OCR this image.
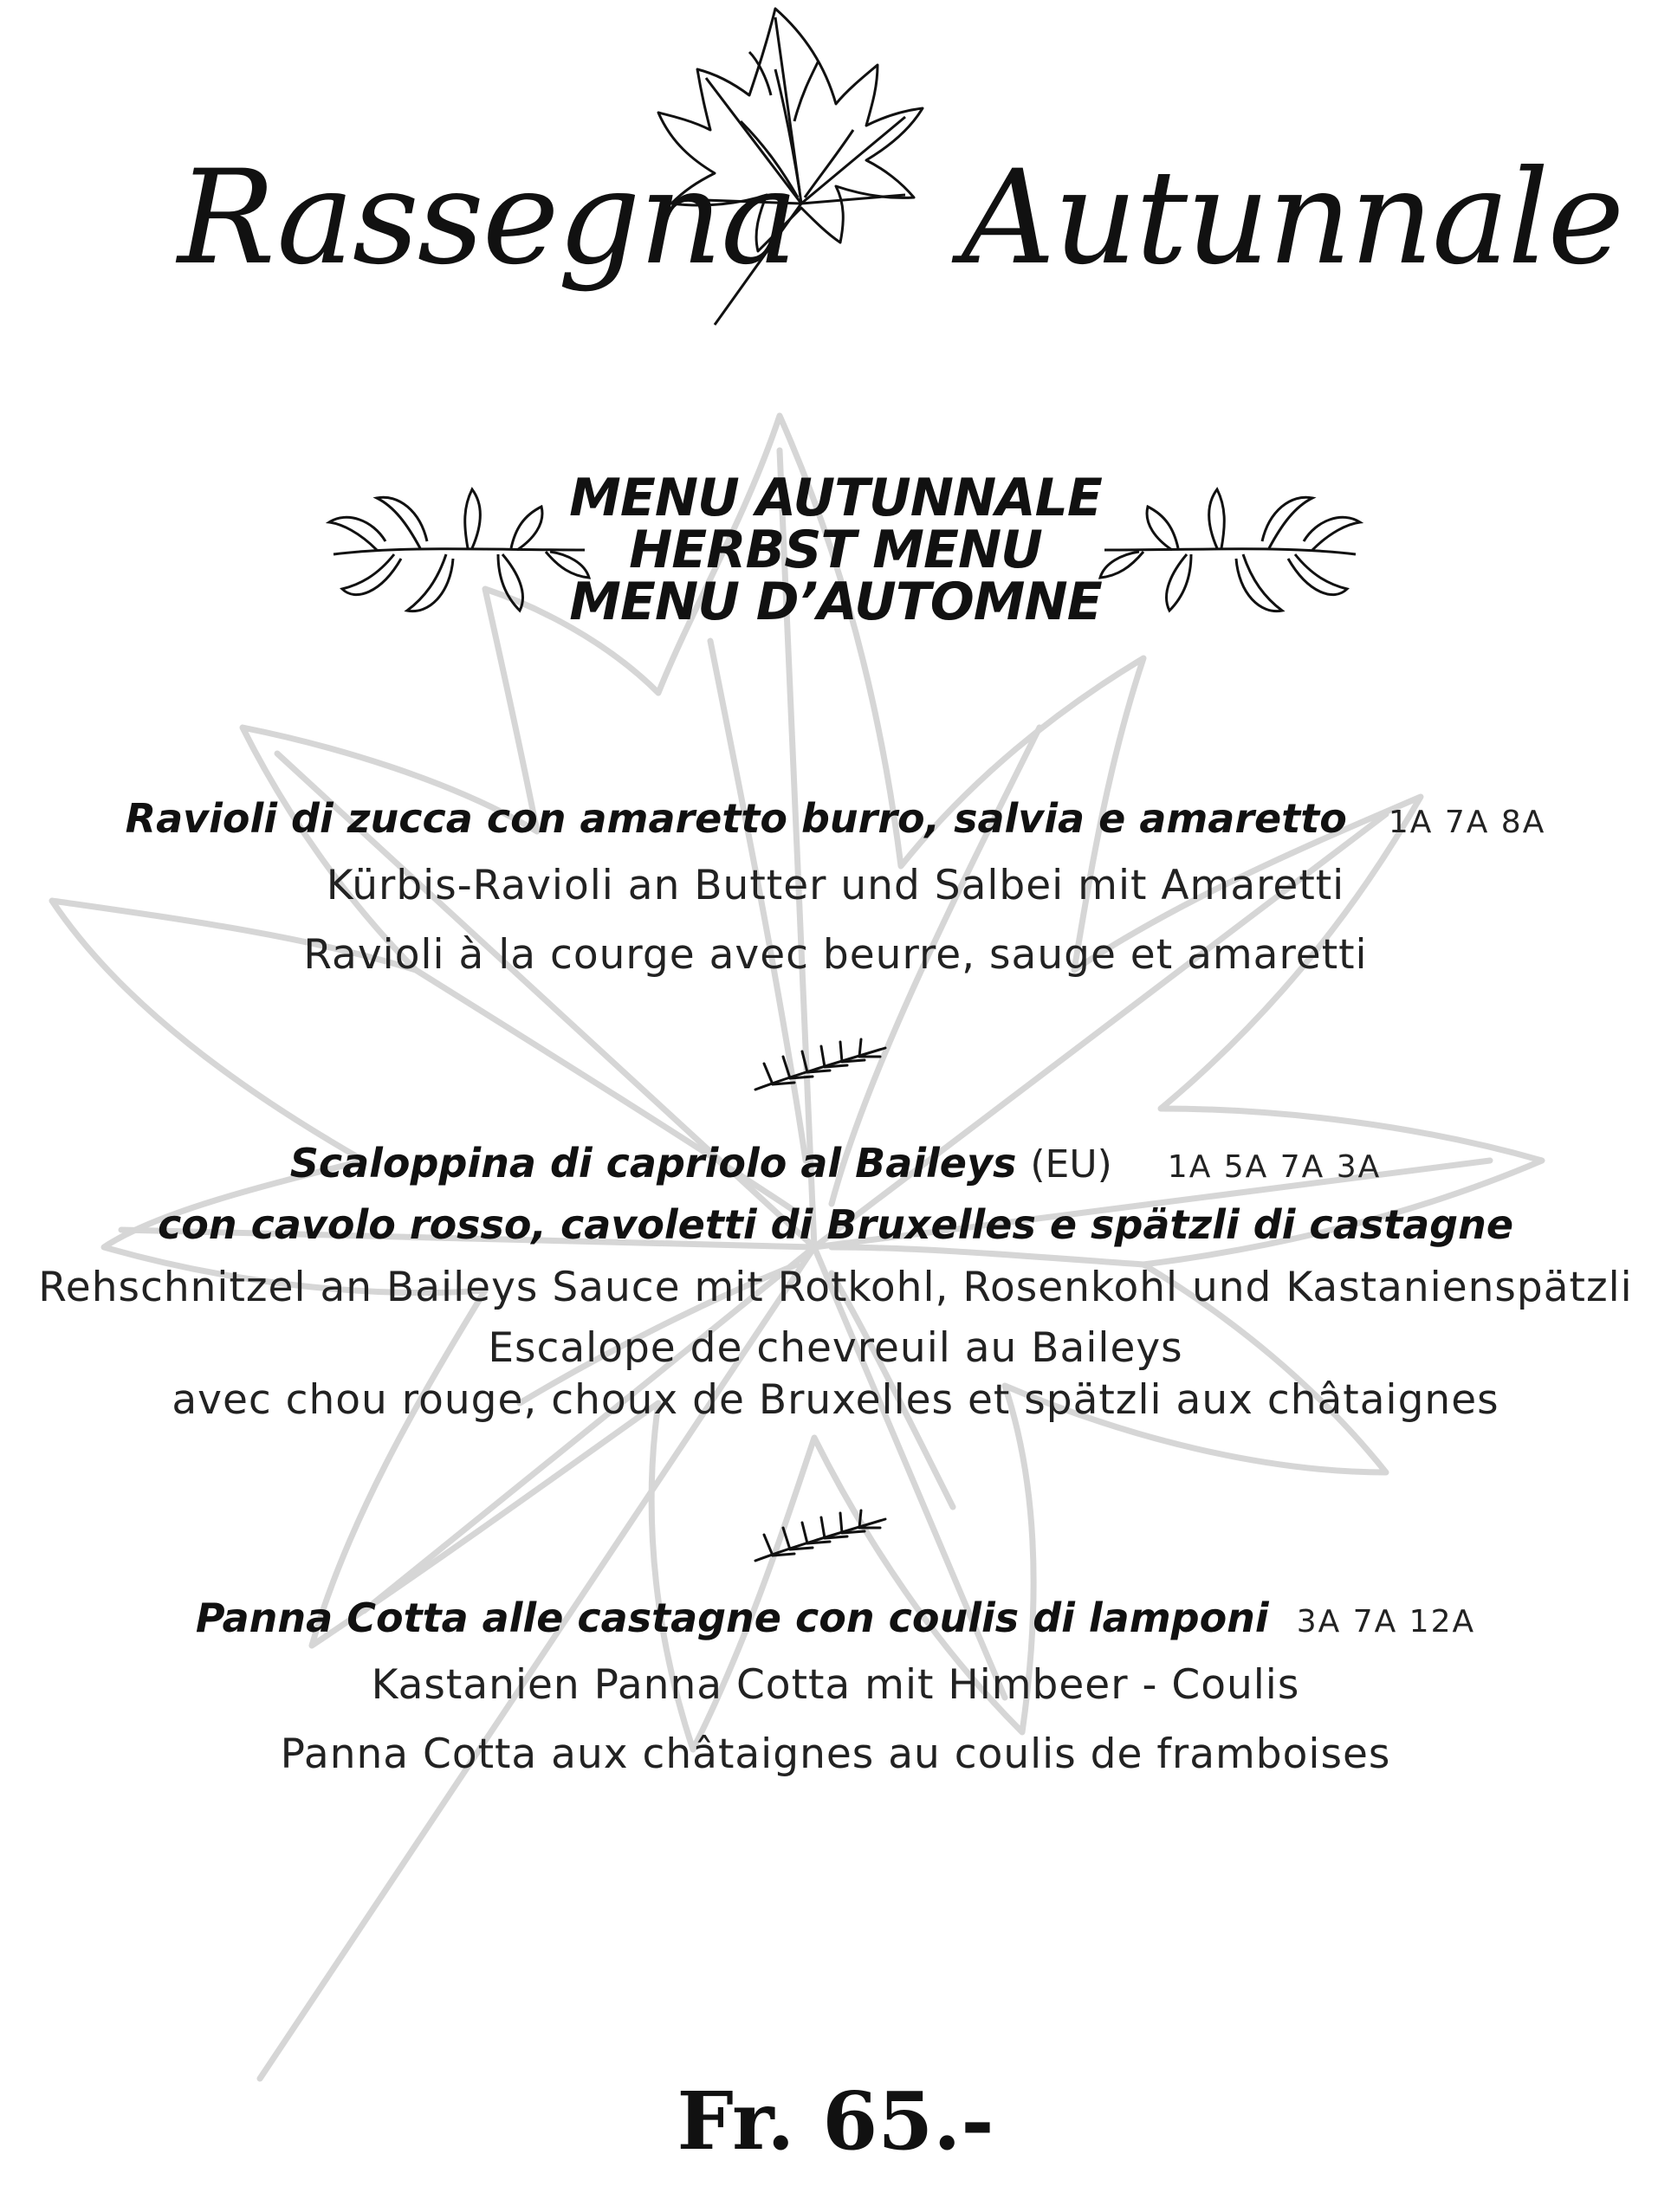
Rassegna Autunnale
MENU AUTUNNALE
HERBST MENU
MENU D’AUTOMNE
Ravioli di zucca con amaretto burro, salvia e amaretto 1A 7A 8A
Kürbis-Ravioli an Butter und Salbei mit Amaretti
Ravioli à la courge avec beurre, sauge et amaretti
Scaloppina di capriolo al Baileys (EU) 1A 5A 7A 3A
con cavolo rosso, cavoletti di Bruxelles e spätzli di castagne
Rehschnitzel an Baileys Sauce mit Rotkohl, Rosenkohl und Kastanienspätzli
Escalope de chevreuil au Baileys
avec chou rouge, choux de Bruxelles et spätzli aux châtaignes
Panna Cotta alle castagne con coulis di lamponi 3A 7A 12A
Kastanien Panna Cotta mit Himbeer - Coulis
Panna Cotta aux châtaignes au coulis de framboises
Fr. 65.-
